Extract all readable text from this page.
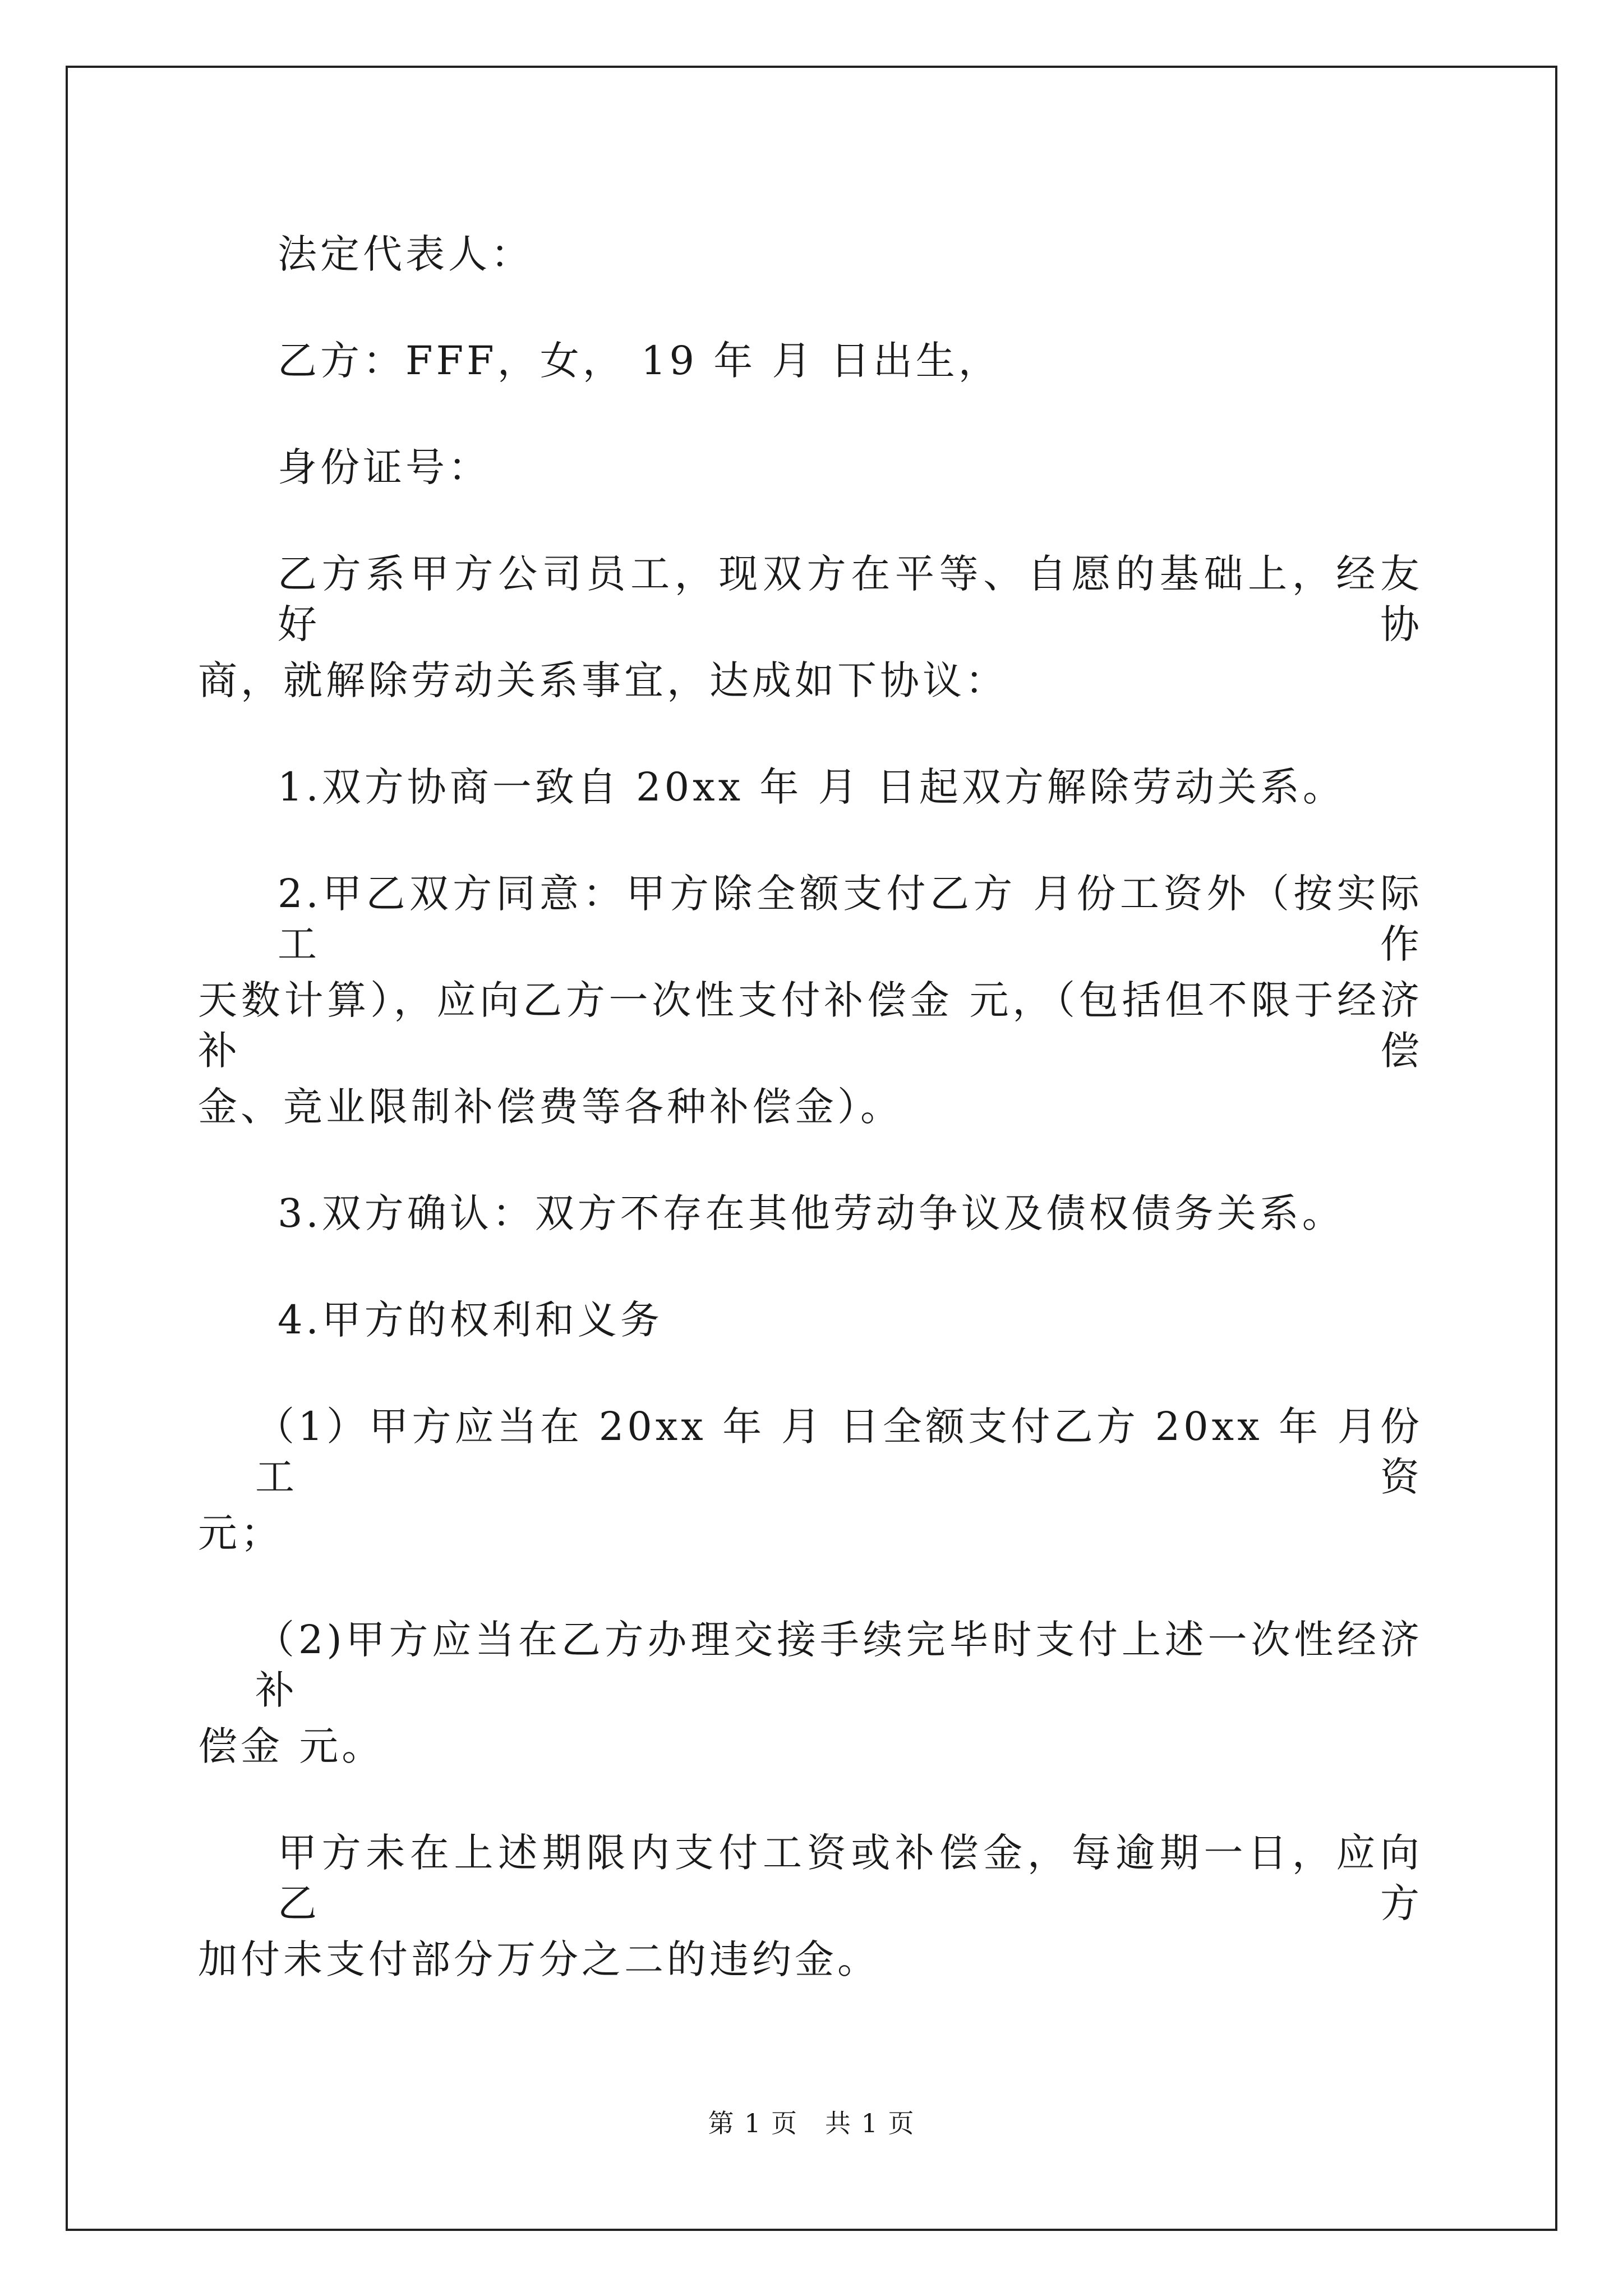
法定代表人：
乙方：FFF，女， 19 年 月 日出生，
身份证号：
乙方系甲方公司员工，现双方在平等、自愿的基础上，经友好协
商，就解除劳动关系事宜，达成如下协议：
1.双方协商一致自 20xx 年 月 日起双方解除劳动关系。
2.甲乙双方同意：甲方除全额支付乙方 月份工资外（按实际工作
天数计算），应向乙方一次性支付补偿金 元，（包括但不限于经济补偿
金、竞业限制补偿费等各种补偿金）。
3.双方确认：双方不存在其他劳动争议及债权债务关系。
4.甲方的权利和义务
（1）甲方应当在 20xx 年 月 日全额支付乙方 20xx 年 月份工资
元；
（2)甲方应当在乙方办理交接手续完毕时支付上述一次性经济补
偿金 元。
甲方未在上述期限内支付工资或补偿金，每逾期一日，应向乙方
加付未支付部分万分之二的违约金。
第 1 页　共 1 页
